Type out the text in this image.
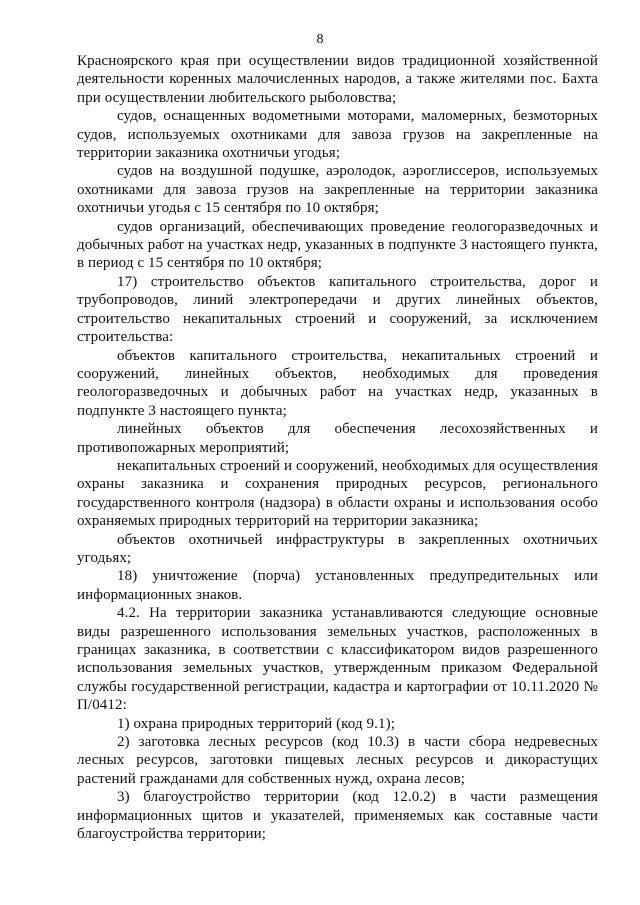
8

Красноярского края при осуществлении видов традиционной хозяйственной деятельности коренных малочисленных народов, а также жителями пос. Бахта при осуществлении любительского рыболовства;

судов, оснащенных водометными моторами, маломерных, безмоторных судов, используемых охотниками для завоза грузов на закрепленные на территории заказника охотничьи угодья;

судов на воздушной подушке, аэролодок, аэроглиссеров, используемых охотниками для завоза грузов на закрепленные на территории заказника охотничьи угодья с 15 сентября по 10 октября;

судов организаций, обеспечивающих проведение геологоразведочных и добычных работ на участках недр, указанных в подпункте 3 настоящего пункта, в период с 15 сентября по 10 октября;

17) строительство объектов капитального строительства, дорог и трубопроводов, линий электропередачи и других линейных объектов, строительство некапитальных строений и сооружений, за исключением строительства:

объектов капитального строительства, некапитальных строений и сооружений, линейных объектов, необходимых для проведения геологоразведочных и добычных работ на участках недр, указанных в подпункте 3 настоящего пункта;

линейных объектов для обеспечения лесохозяйственных и противопожарных мероприятий;

некапитальных строений и сооружений, необходимых для осуществления охраны заказника и сохранения природных ресурсов, регионального государственного контроля (надзора) в области охраны и использования особо охраняемых природных территорий на территории заказника;

объектов охотничьей инфраструктуры в закрепленных охотничьих угодьях;

18) уничтожение (порча) установленных предупредительных или информационных знаков.

4.2. На территории заказника устанавливаются следующие основные виды разрешенного использования земельных участков, расположенных в границах заказника, в соответствии с классификатором видов разрешенного использования земельных участков, утвержденным приказом Федеральной службы государственной регистрации, кадастра и картографии от 10.11.2020 № П/0412:

1) охрана природных территорий (код 9.1);

2) заготовка лесных ресурсов (код 10.3) в части сбора недревесных лесных ресурсов, заготовки пищевых лесных ресурсов и дикорастущих растений гражданами для собственных нужд, охрана лесов;

3) благоустройство территории (код 12.0.2) в части размещения информационных щитов и указателей, применяемых как составные части благоустройства территории;
